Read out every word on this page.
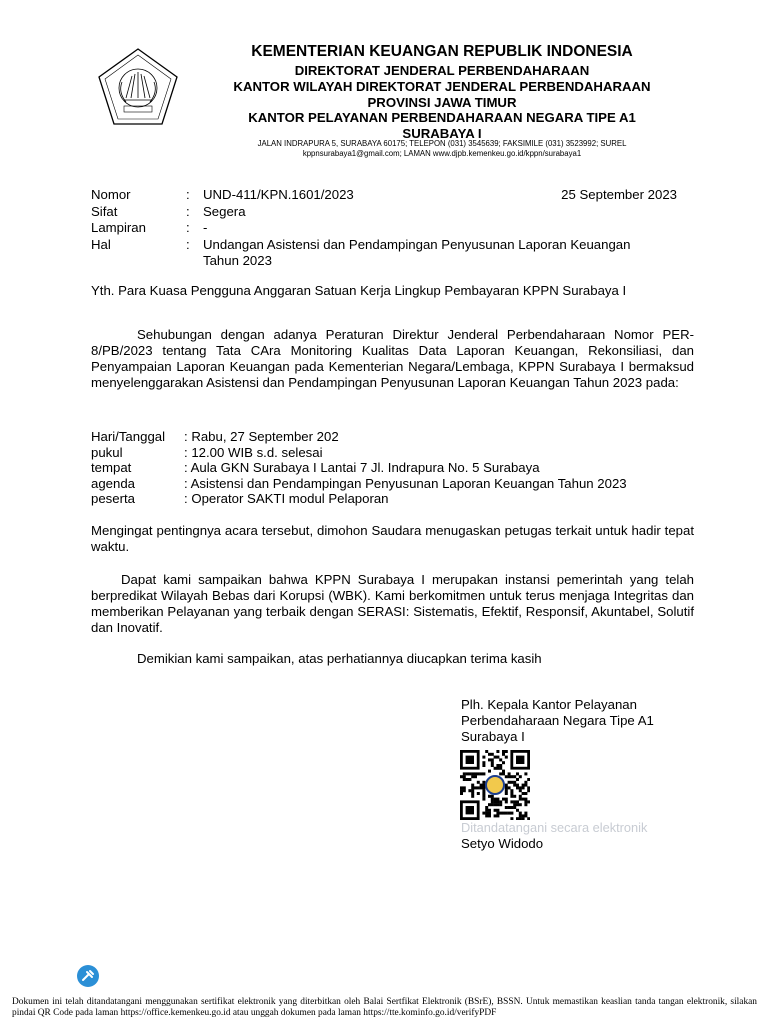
KEMENTERIAN KEUANGAN REPUBLIK INDONESIA
DIREKTORAT JENDERAL PERBENDAHARAAN
KANTOR WILAYAH DIREKTORAT JENDERAL PERBENDAHARAAN
PROVINSI JAWA TIMUR
KANTOR PELAYANAN PERBENDAHARAAN NEGARA TIPE A1
SURABAYA I
JALAN INDRAPURA 5, SURABAYA 60175; TELEPON (031) 3545639; FAKSIMILE (031) 3523992; SUREL
kppnsurabaya1@gmail.com; LAMAN www.djpb.kemenkeu.go.id/kppn/surabaya1
25 September 2023
Nomor	: UND-411/KPN.1601/2023
Sifat	: Segera
Lampiran	: -
Hal	: Undangan Asistensi dan Pendampingan Penyusunan Laporan Keuangan
Tahun 2023
Yth. Para Kuasa Pengguna Anggaran Satuan Kerja Lingkup Pembayaran KPPN Surabaya I
Sehubungan dengan adanya Peraturan Direktur Jenderal Perbendaharaan Nomor PER-8/PB/2023 tentang Tata CAra Monitoring Kualitas Data Laporan Keuangan, Rekonsiliasi, dan Penyampaian Laporan Keuangan pada Kementerian Negara/Lembaga, KPPN Surabaya I bermaksud menyelenggarakan Asistensi dan Pendampingan Penyusunan Laporan Keuangan Tahun 2023 pada:
Hari/Tanggal : Rabu, 27 September 202
pukul	: 12.00 WIB s.d. selesai
tempat	: Aula GKN Surabaya I Lantai 7 Jl. Indrapura No. 5 Surabaya
agenda	: Asistensi dan Pendampingan Penyusunan Laporan Keuangan Tahun 2023
peserta	: Operator SAKTI modul Pelaporan
Mengingat pentingnya acara tersebut, dimohon Saudara menugaskan petugas terkait untuk hadir tepat waktu.
Dapat kami sampaikan bahwa KPPN Surabaya I merupakan instansi pemerintah yang telah berpredikat Wilayah Bebas dari Korupsi (WBK). Kami berkomitmen untuk terus menjaga Integritas dan memberikan Pelayanan yang terbaik dengan SERASI: Sistematis, Efektif, Responsif, Akuntabel, Solutif dan Inovatif.
Demikian kami sampaikan, atas perhatiannya diucapkan terima kasih
Plh. Kepala Kantor Pelayanan
Perbendaharaan Negara Tipe A1
Surabaya I
Ditandatangani secara elektronik
Setyo Widodo
Dokumen ini telah ditandatangani menggunakan sertifikat elektronik yang diterbitkan oleh Balai Sertfikat Elektronik (BSrE), BSSN. Untuk memastikan keaslian tanda tangan elektronik, silakan pindai QR Code pada laman https://office.kemenkeu.go.id atau unggah dokumen pada laman https://tte.kominfo.go.id/verifyPDF
